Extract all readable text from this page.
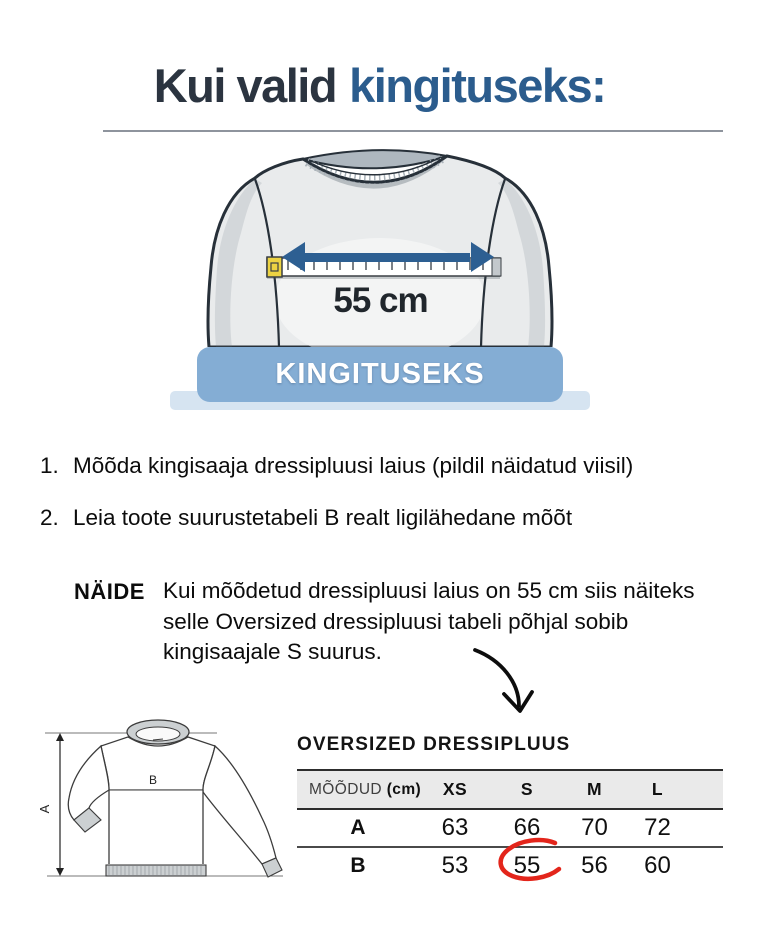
Kui valid kingituseks:
55 cm
KINGITUSEKS
1. Mõõda kingisaaja dressipluusi laius (pildil näidatud viisil)
2. Leia toote suurustetabeli B realt ligilähedane mõõt
NÄIDE Kui mõõdetud dressipluusi laius on 55 cm siis näiteks selle Oversized dressipluusi tabeli põhjal sobib kingisaajale S suurus.
A
B
OVERSIZED DRESSIPLUUS
MÕÕDUD (cm)	XS	S	M	L
A	63	66	70	72
B	53	55	56	60
